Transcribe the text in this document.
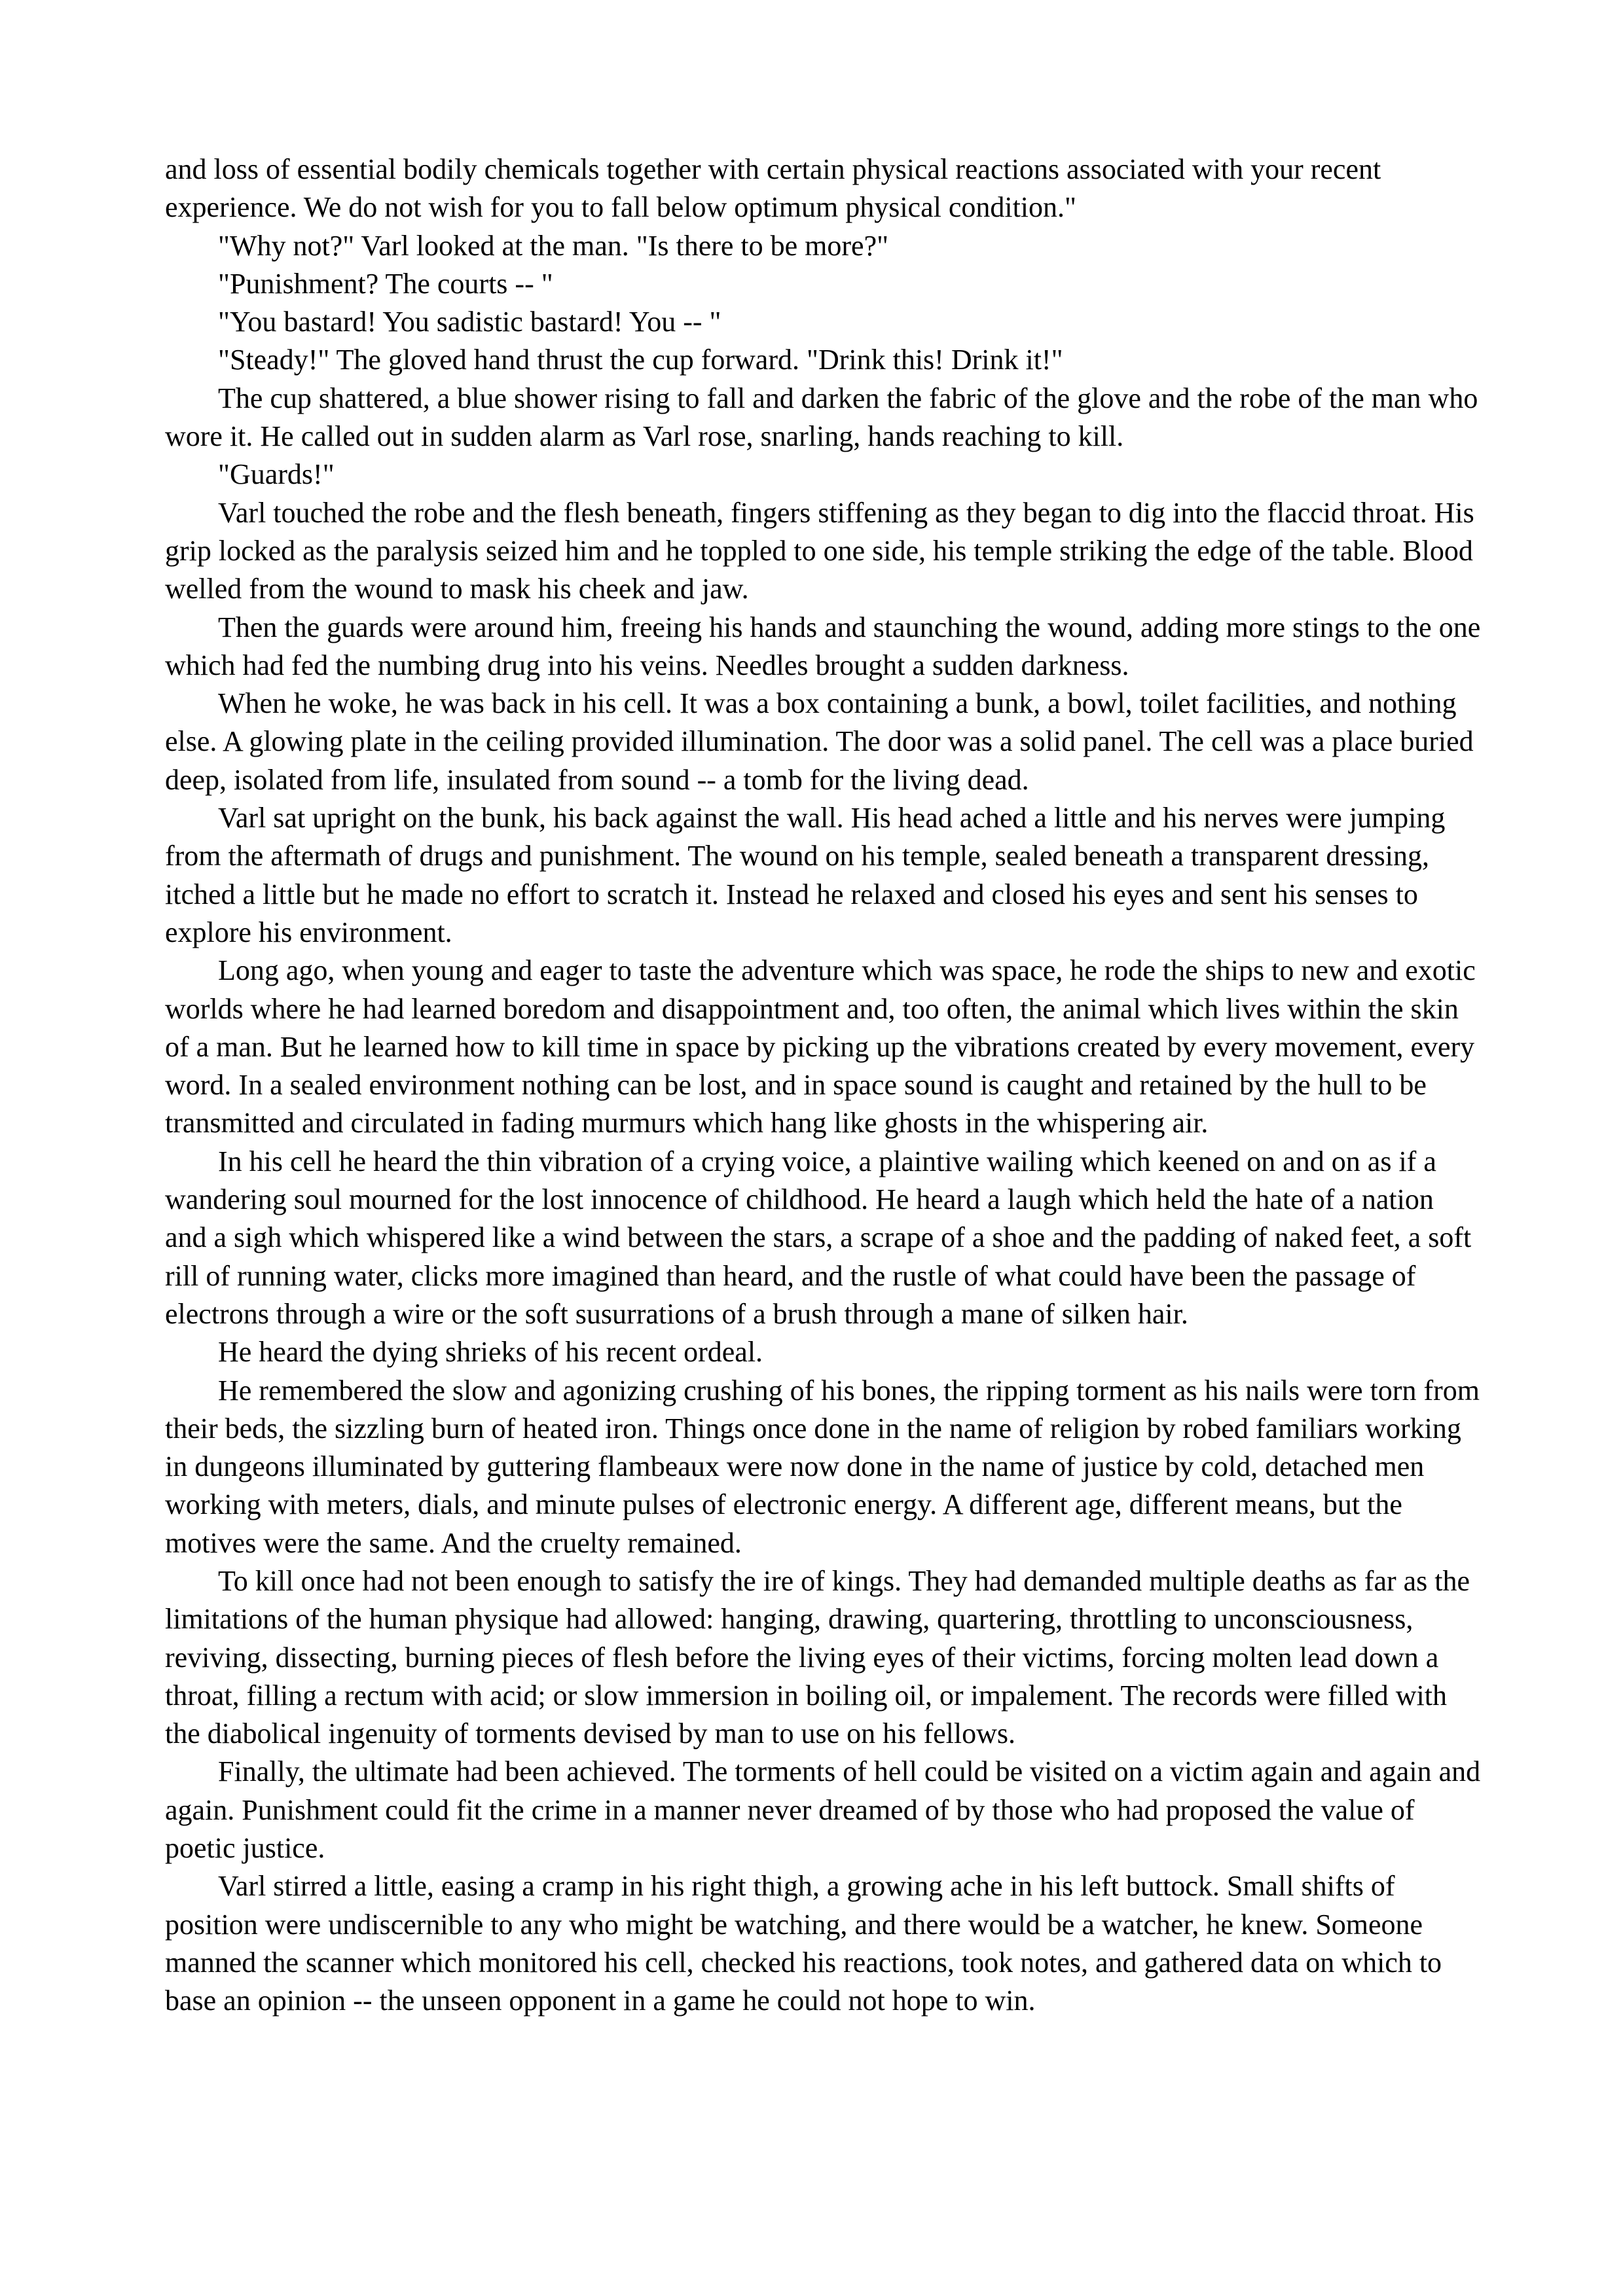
and loss of essential bodily chemicals together with certain physical reactions associated with your recent experience. We do not wish for you to fall below optimum physical condition."

"Why not?" Varl looked at the man. "Is there to be more?"

"Punishment? The courts -- "

"You bastard! You sadistic bastard! You -- "

"Steady!" The gloved hand thrust the cup forward. "Drink this! Drink it!"

The cup shattered, a blue shower rising to fall and darken the fabric of the glove and the robe of the man who wore it. He called out in sudden alarm as Varl rose, snarling, hands reaching to kill.

"Guards!"

Varl touched the robe and the flesh beneath, fingers stiffening as they began to dig into the flaccid throat. His grip locked as the paralysis seized him and he toppled to one side, his temple striking the edge of the table. Blood welled from the wound to mask his cheek and jaw.

Then the guards were around him, freeing his hands and staunching the wound, adding more stings to the one which had fed the numbing drug into his veins. Needles brought a sudden darkness.

When he woke, he was back in his cell. It was a box containing a bunk, a bowl, toilet facilities, and nothing else. A glowing plate in the ceiling provided illumination. The door was a solid panel. The cell was a place buried deep, isolated from life, insulated from sound -- a tomb for the living dead.

Varl sat upright on the bunk, his back against the wall. His head ached a little and his nerves were jumping from the aftermath of drugs and punishment. The wound on his temple, sealed beneath a transparent dressing, itched a little but he made no effort to scratch it. Instead he relaxed and closed his eyes and sent his senses to explore his environment.

Long ago, when young and eager to taste the adventure which was space, he rode the ships to new and exotic worlds where he had learned boredom and disappointment and, too often, the animal which lives within the skin of a man. But he learned how to kill time in space by picking up the vibrations created by every movement, every word. In a sealed environment nothing can be lost, and in space sound is caught and retained by the hull to be transmitted and circulated in fading murmurs which hang like ghosts in the whispering air.

In his cell he heard the thin vibration of a crying voice, a plaintive wailing which keened on and on as if a wandering soul mourned for the lost innocence of childhood. He heard a laugh which held the hate of a nation and a sigh which whispered like a wind between the stars, a scrape of a shoe and the padding of naked feet, a soft rill of running water, clicks more imagined than heard, and the rustle of what could have been the passage of electrons through a wire or the soft susurrations of a brush through a mane of silken hair.

He heard the dying shrieks of his recent ordeal.

He remembered the slow and agonizing crushing of his bones, the ripping torment as his nails were torn from their beds, the sizzling burn of heated iron. Things once done in the name of religion by robed familiars working in dungeons illuminated by guttering flambeaux were now done in the name of justice by cold, detached men working with meters, dials, and minute pulses of electronic energy. A different age, different means, but the motives were the same. And the cruelty remained.

To kill once had not been enough to satisfy the ire of kings. They had demanded multiple deaths as far as the limitations of the human physique had allowed: hanging, drawing, quartering, throttling to unconsciousness, reviving, dissecting, burning pieces of flesh before the living eyes of their victims, forcing molten lead down a throat, filling a rectum with acid; or slow immersion in boiling oil, or impalement. The records were filled with the diabolical ingenuity of torments devised by man to use on his fellows.

Finally, the ultimate had been achieved. The torments of hell could be visited on a victim again and again and again. Punishment could fit the crime in a manner never dreamed of by those who had proposed the value of poetic justice.

Varl stirred a little, easing a cramp in his right thigh, a growing ache in his left buttock. Small shifts of position were undiscernible to any who might be watching, and there would be a watcher, he knew. Someone manned the scanner which monitored his cell, checked his reactions, took notes, and gathered data on which to base an opinion -- the unseen opponent in a game he could not hope to win.
